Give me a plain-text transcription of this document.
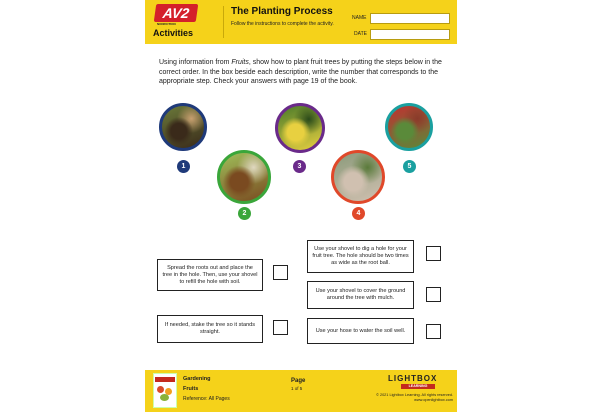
AV2
NONFICTION
Activities
The Planting Process
Follow the instructions to complete the activity.
NAME
DATE
Using information from Fruits, show how to plant fruit trees by putting the steps below in the correct order. In the box beside each description, write the number that corresponds to the appropriate step. Check your answers with page 19 of the book.
1
2
3
4
5
Spread the roots out and place the tree in the hole. Then, use your shovel to refill the hole with soil.
If needed, stake the tree so it stands straight.
Use your shovel to dig a hole for your fruit tree. The hole should be two times as wide as the root ball.
Use your shovel to cover the ground around the tree with mulch.
Use your hose to water the soil well.
Gardening
Fruits
Reference: All Pages
Page
1 of 5
LIGHTBOX
LEARNING
© 2021 Lightbox Learning. All rights reserved.
www.openlightbox.com
